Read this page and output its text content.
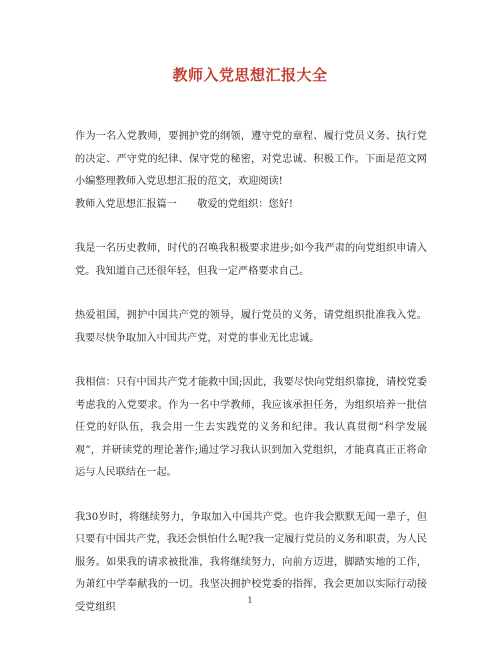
教师入党思想汇报大全

作为一名入党教师，要拥护党的纲领，遵守党的章程、履行党员义务、执行党的决定、严守党的纪律、保守党的秘密，对党忠诚、积极工作。下面是范文网小编整理教师入党思想汇报的范文，欢迎阅读!

教师入党思想汇报篇一　　敬爱的党组织：您好!

我是一名历史教师，时代的召唤我积极要求进步;如今我严肃的向党组织申请入党。我知道自己还很年轻，但我一定严格要求自己。

热爱祖国，拥护中国共产党的领导，履行党员的义务，请党组织批准我入党。我要尽快争取加入中国共产党，对党的事业无比忠诚。

我相信：只有中国共产党才能救中国;因此，我要尽快向党组织靠拢，请校党委考虑我的入党要求。作为一名中学教师，我应该承担任务，为组织培养一批信任党的好队伍，我会用一生去实践党的义务和纪律。我认真贯彻“科学发展观”，并研读党的理论著作;通过学习我认识到加入党组织，才能真真正正将命运与人民联结在一起。

我30岁时，将继续努力，争取加入中国共产党。也许我会默默无闻一辈子，但只要有中国共产党，我还会惧怕什么呢?我一定履行党员的义务和职责，为人民服务。如果我的请求被批准，我将继续努力，向前方迈进，脚踏实地的工作，为萧红中学奉献我的一切。我坚决拥护校党委的指挥，我会更加以实际行动接受党组织

1
